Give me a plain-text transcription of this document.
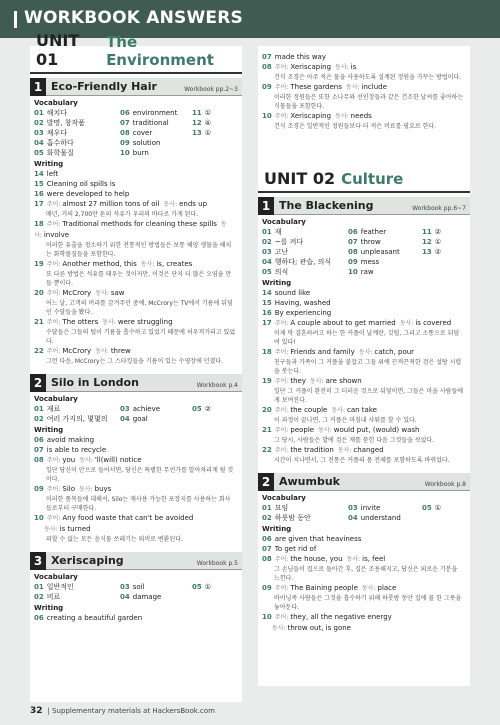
WORKBOOK ANSWERS
UNIT 01
The Environment
1 Eco-Friendly Hair	Workbook pp.2~3
Vocabulary
01 해치다	06 environment	11 ①
02 발명, 창작품	07 traditional	12 ④
03 채우다	08 cover	13 ①
04 흡수하다	09 solution
05 화학물질	10 burn
Writing
14 left
15 Cleaning oil spills is
16 were developed to help
17 주어: almost 27 million tons of oil 동사: ends up
매년, 거의 2,700만 톤의 석유가 우리의 바다로 가게 된다.
18 주어: Traditional methods for cleaning these spills 동사: involve
이러한 유출을 청소하기 위한 전통적인 방법들은 보통 해양 생물을 해치는 화학물질들을 포함한다.
19 주어: Another method, this 동사: is, creates
또 다른 방법은 석유를 태우는 것이지만, 이것은 단지 더 많은 오염을 만들 뿐이다.
20 주어: McCrory 동사: saw
어느 날, 고객의 머리를 감겨주던 중에, McCrory는 TV에서 기름에 뒤덮인 수달들을 봤다.
21 주어: The otters 동사: were struggling
수달들은 그들의 털이 기름을 흡수하고 있었기 때문에 허우적거리고 있었다.
22 주어: McCrory 동사: threw
그런 다음, McCrory는 그 스타킹들을 기름이 있는 수영장에 던졌다.
2 Silo in London	Workbook p.4
Vocabulary
01 재료	03 achieve	05 ②
02 여러 가지의, 몇몇의	04 goal
Writing
06 avoid making
07 is able to recycle
08 주어: you 동사: 'll(will) notice
일단 당신이 안으로 들어서면, 당신은 특별한 무언가를 알아차리게 될 것이다.
09 주어: Silo 동사: buys
이러한 품목들에 대해서, Silo는 재사용 가능한 포장지를 사용하는 회사들로부터 구매한다.
10 주어: Any food waste that can't be avoided
 동사: is turned
피할 수 없는 모든 음식물 쓰레기는 퇴비로 변환된다.
3 Xeriscaping	Workbook p.5
Vocabulary
01 일반적인	03 soil	05 ①
02 비료	04 damage
Writing
06 creating a beautiful garden
07 made this way
08 주어: Xeriscaping 동사: is
건식 조경은 아주 적은 물을 사용하도록 설계된 정원을 가꾸는 방법이다.
09 주어: These gardens 동사: include
이러한 정원들은 또한 소나무와 선인장들과 같은 건조한 날씨를 좋아하는 식물들을 포함한다.
10 주어: Xeriscaping 동사: needs
건식 조경은 일반적인 정원들보다 더 적은 비료를 필요로 한다.
UNIT 02 Culture
1 The Blackening	Workbook pp.6~7
Vocabulary
01 재	06 feather	11 ②
02 ~를 켜다	07 throw	12 ①
03 고난	08 unpleasant	13 ②
04 행하다; 관습, 의식	09 mess
05 의식	10 raw
Writing
14 sound like
15 Having, washed
16 By experiencing
17 주어: A couple about to get married 동사: is covered
이제 막 결혼하려고 하는 한 커플이 날계란, 깃털, 그리고 소똥으로 뒤덮여 있다!
18 주어: Friends and family 동사: catch, pour
친구들과 가족이 그 커플을 붙잡고 그들 위에 끈적끈적한 검은 설탕 시럽을 붓는다.
19 주어: they 동사: are shown
일단 그 커플이 완전히 그 더러운 것으로 뒤덮이면, 그들은 마을 사람들에게 보여진다.
20 주어: the couple 동사: can take
이 과정이 끝나면, 그 커플은 마침내 샤워를 할 수 있다.
21 주어: people 동사: would put, (would) wash
그 당시, 사람들은 발에 검은 재를 묻힌 다음 그것들을 씻었다.
22 주어: the tradition 동사: changed
시간이 지나면서, 그 전통은 커플의 몸 전체를 포함하도록 바뀌었다.
2 Awumbuk	Workbook p.8
Vocabulary
01 묘임	03 invite	05 ①
02 하룻밤 동안	04 understand
Writing
06 are given that heaviness
07 To get rid of
08 주어: the house, you 동사: is, feel
그 손님들이 집으로 돌아간 후, 집은 조용해지고, 당신은 외로운 기분을 느낀다.
09 주어: The Baining people 동사: place
바이닝족 사람들은 그것을 흡수하기 위해 하룻밤 동안 집에 물 한 그릇을 놓아둔다.
10 주어: they, all the negative energy
 동사: throw out, is gone
32 | Supplementary materials at HackersBook.com
